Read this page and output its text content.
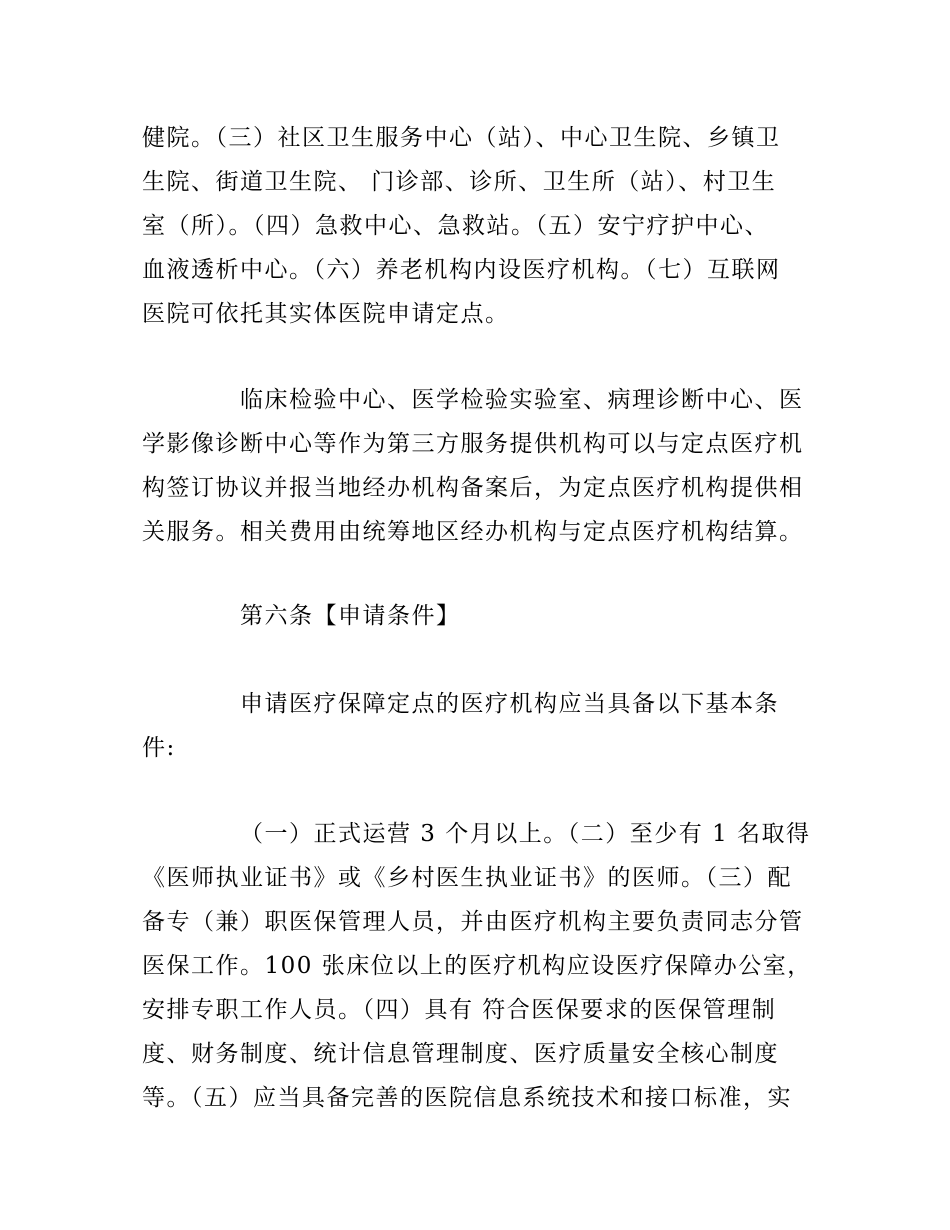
健院。（三）社区卫生服务中心（站）、中心卫生院、乡镇卫
生院、街道卫生院、 门诊部、诊所、卫生所（站）、村卫生
室（所）。（四）急救中心、急救站。（五）安宁疗护中心、
血液透析中心。（六）养老机构内设医疗机构。（七）互联网
医院可依托其实体医院申请定点。
临床检验中心、医学检验实验室、病理诊断中心、医
学影像诊断中心等作为第三方服务提供机构可以与定点医疗机
构签订协议并报当地经办机构备案后，为定点医疗机构提供相
关服务。相关费用由统筹地区经办机构与定点医疗机构结算。
第六条【申请条件】
申请医疗保障定点的医疗机构应当具备以下基本条
件:
（一）正式运营 3 个月以上。（二）至少有 1 名取得
《医师执业证书》或《乡村医生执业证书》的医师。（三）配
备专（兼）职医保管理人员，并由医疗机构主要负责同志分管
医保工作。100 张床位以上的医疗机构应设医疗保障办公室，
安排专职工作人员。（四）具有 符合医保要求的医保管理制
度、财务制度、统计信息管理制度、医疗质量安全核心制度
等。（五）应当具备完善的医院信息系统技术和接口标准，实
